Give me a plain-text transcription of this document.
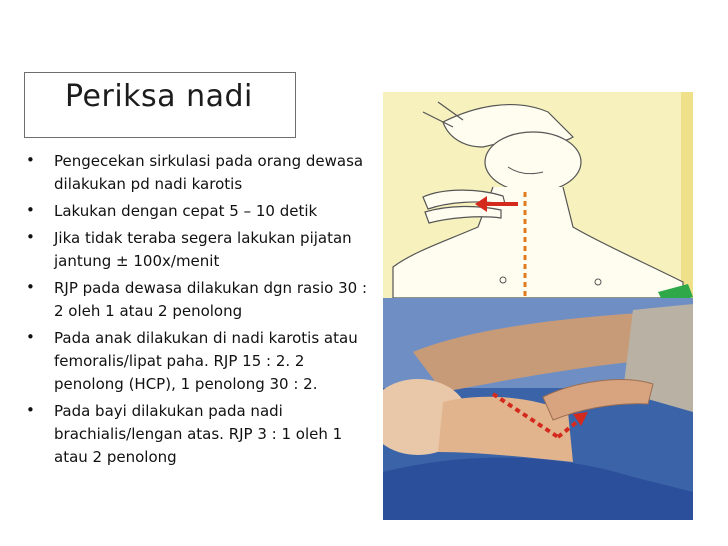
Periksa nadi
• Pengecekan sirkulasi pada orang dewasa dilakukan pd nadi karotis
• Lakukan dengan cepat 5 – 10 detik
• Jika tidak teraba segera lakukan pijatan jantung ± 100x/menit
• RJP pada dewasa dilakukan dgn rasio 30 : 2 oleh 1 atau 2 penolong
• Pada anak dilakukan di nadi karotis atau femoralis/lipat paha. RJP 15 : 2. 2 penolong (HCP), 1 penolong 30 : 2.
• Pada bayi dilakukan pada nadi brachialis/lengan atas. RJP 3 : 1 oleh 1 atau 2 penolong
